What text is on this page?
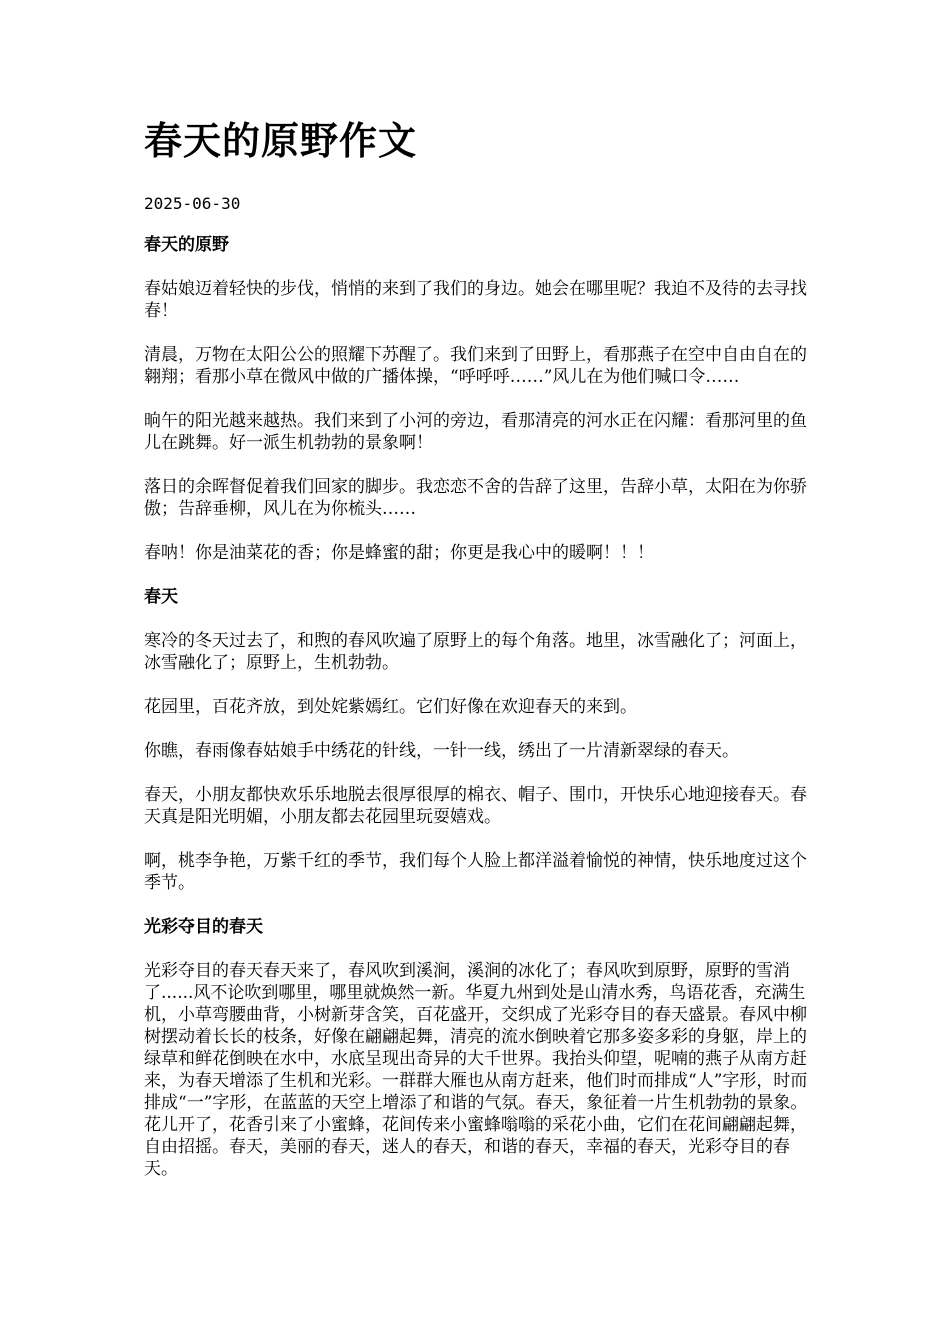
春天的原野作文
2025-06-30
春天的原野

春姑娘迈着轻快的步伐，悄悄的来到了我们的身边。她会在哪里呢？我迫不及待的去寻找春！

清晨，万物在太阳公公的照耀下苏醒了。我们来到了田野上，看那燕子在空中自由自在的翱翔；看那小草在微风中做的广播体操，“呼呼呼……”风儿在为他们喊口令……

晌午的阳光越来越热。我们来到了小河的旁边，看那清亮的河水正在闪耀：看那河里的鱼儿在跳舞。好一派生机勃勃的景象啊！

落日的余晖督促着我们回家的脚步。我恋恋不舍的告辞了这里，告辞小草，太阳在为你骄傲；告辞垂柳，风儿在为你梳头……

春呐！你是油菜花的香；你是蜂蜜的甜；你更是我心中的暖啊！！！

春天

寒冷的冬天过去了，和煦的春风吹遍了原野上的每个角落。地里，冰雪融化了；河面上，冰雪融化了；原野上，生机勃勃。

花园里，百花齐放，到处姹紫嫣红。它们好像在欢迎春天的来到。

你瞧，春雨像春姑娘手中绣花的针线，一针一线，绣出了一片清新翠绿的春天。

春天，小朋友都快欢乐乐地脱去很厚很厚的棉衣、帽子、围巾，开快乐心地迎接春天。春天真是阳光明媚，小朋友都去花园里玩耍嬉戏。

啊，桃李争艳，万紫千红的季节，我们每个人脸上都洋溢着愉悦的神情，快乐地度过这个季节。

光彩夺目的春天

光彩夺目的春天春天来了，春风吹到溪涧，溪涧的冰化了；春风吹到原野，原野的雪消了......风不论吹到哪里，哪里就焕然一新。华夏九州到处是山清水秀，鸟语花香，充满生机，小草弯腰曲背，小树新芽含笑，百花盛开，交织成了光彩夺目的春天盛景。春风中柳树摆动着长长的枝条，好像在翩翩起舞，清亮的流水倒映着它那多姿多彩的身躯，岸上的绿草和鲜花倒映在水中，水底呈现出奇异的大千世界。我抬头仰望，呢喃的燕子从南方赶来，为春天增添了生机和光彩。一群群大雁也从南方赶来，他们时而排成“人”字形，时而排成“一”字形，在蓝蓝的天空上增添了和谐的气氛。春天，象征着一片生机勃勃的景象。花儿开了，花香引来了小蜜蜂，花间传来小蜜蜂嗡嗡的采花小曲，它们在花间翩翩起舞，自由招摇。春天，美丽的春天，迷人的春天，和谐的春天，幸福的春天，光彩夺目的春天。
